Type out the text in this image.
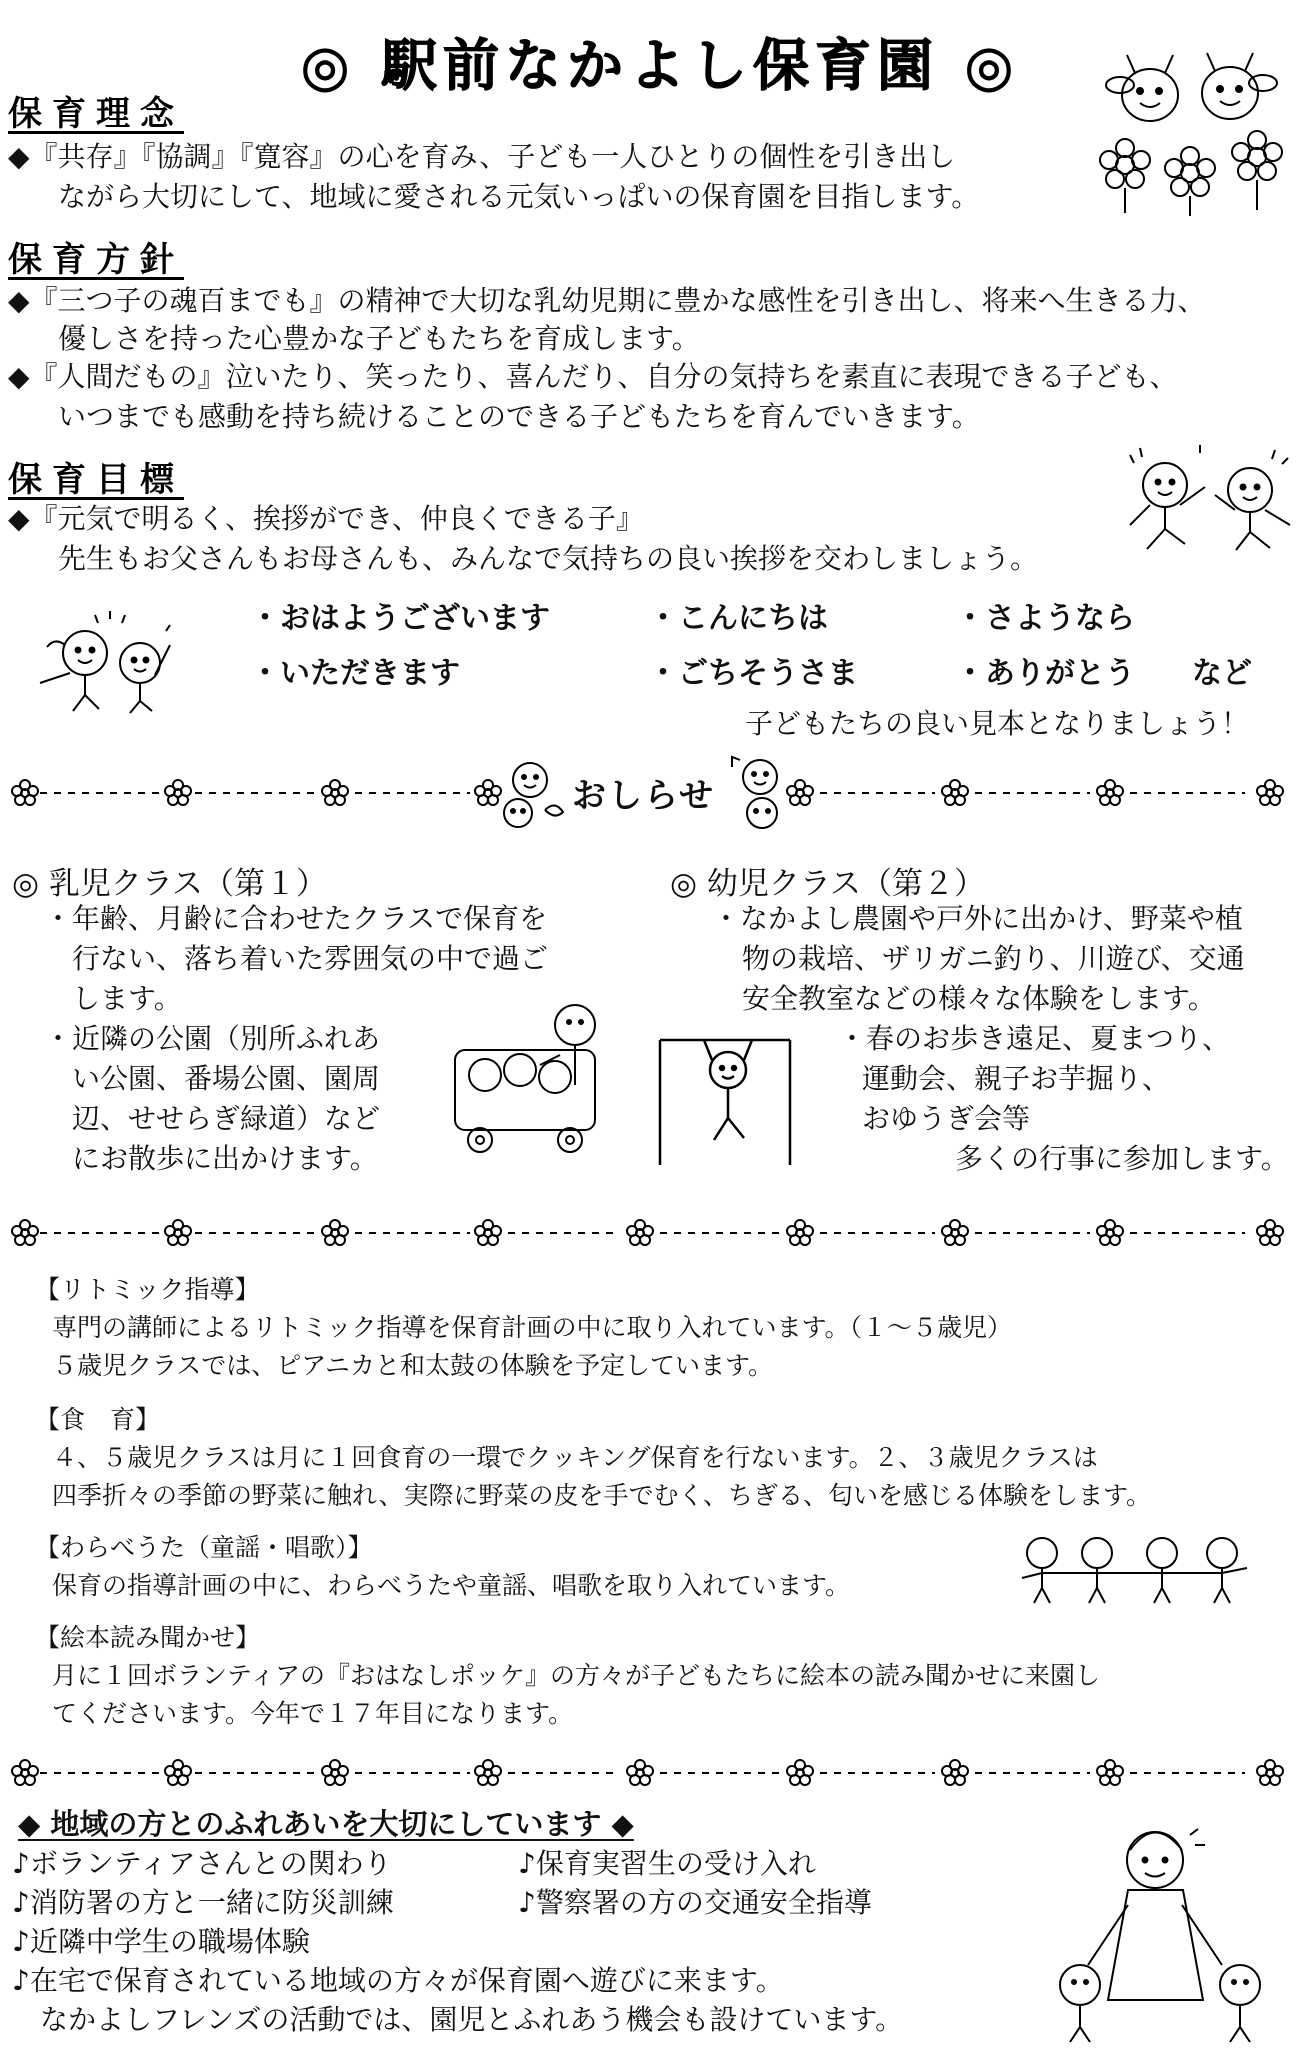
◎ 駅前なかよし保育園 ◎
保育理念
◆『共存』『協調』『寛容』の心を育み、子ども一人ひとりの個性を引き出し
ながら大切にして、地域に愛される元気いっぱいの保育園を目指します。
保育方針
◆『三つ子の魂百までも』の精神で大切な乳幼児期に豊かな感性を引き出し、将来へ生きる力、
優しさを持った心豊かな子どもたちを育成します。
◆『人間だもの』泣いたり、笑ったり、喜んだり、自分の気持ちを素直に表現できる子ども、
いつまでも感動を持ち続けることのできる子どもたちを育んでいきます。
保育目標
◆『元気で明るく、挨拶ができ、仲良くできる子』
先生もお父さんもお母さんも、みんなで気持ちの良い挨拶を交わしましょう。
・おはようございます	・こんにちは	・さようなら
・いただきます	・ごちそうさま	・ありがとう など
子どもたちの良い見本となりましょう！
おしらせ
◎ 乳児クラス（第１）
・年齢、月齢に合わせたクラスで保育を
行ない、落ち着いた雰囲気の中で過ご
します。
・近隣の公園（別所ふれあ
い公園、番場公園、園周
辺、せせらぎ緑道）など
にお散歩に出かけます。
◎ 幼児クラス（第２）
・なかよし農園や戸外に出かけ、野菜や植
物の栽培、ザリガニ釣り、川遊び、交通
安全教室などの様々な体験をします。
・春のお歩き遠足、夏まつり、
運動会、親子お芋掘り、
おゆうぎ会等
多くの行事に参加します。
【リトミック指導】
専門の講師によるリトミック指導を保育計画の中に取り入れています。（１～５歳児）
５歳児クラスでは、ピアニカと和太鼓の体験を予定しています。
【食　育】
４、５歳児クラスは月に１回食育の一環でクッキング保育を行ないます。２、３歳児クラスは
四季折々の季節の野菜に触れ、実際に野菜の皮を手でむく、ちぎる、匂いを感じる体験をします。
【わらべうた（童謡・唱歌）】
保育の指導計画の中に、わらべうたや童謡、唱歌を取り入れています。
【絵本読み聞かせ】
月に１回ボランティアの『おはなしポッケ』の方々が子どもたちに絵本の読み聞かせに来園し
てくださいます。今年で１７年目になります。
◆ 地域の方とのふれあいを大切にしています ◆
♪ボランティアさんとの関わり	♪保育実習生の受け入れ
♪消防署の方と一緒に防災訓練	♪警察署の方の交通安全指導
♪近隣中学生の職場体験
♪在宅で保育されている地域の方々が保育園へ遊びに来ます。
なかよしフレンズの活動では、園児とふれあう機会も設けています。
